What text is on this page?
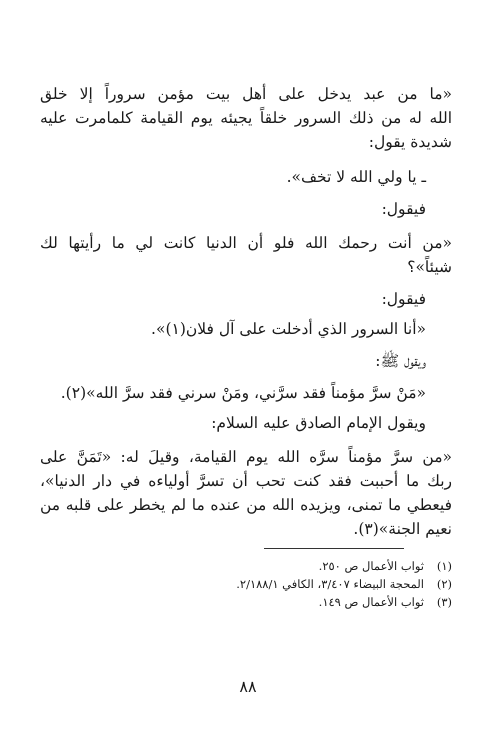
«ما من عبد يدخل على أهل بيت مؤمن سروراً إلا خلق
الله له من ذلك السرور خلقاً يجيئه يوم القيامة كلمامرت عليه
شديدة يقول:
ـ يا ولي الله لا تخف».
فيقول:
«من أنت رحمك الله فلو أن الدنيا كانت لي ما رأيتها لك
شيئاً»؟
فيقول:
«أنا السرور الذي أدخلت على آل فلان(١)».
ويقول ﷺ:
«مَنْ سرَّ مؤمناً فقد سرَّني، ومَنْ سرني فقد سرَّ الله»(٢).
ويقول الإمام الصادق عليه السلام:
«من سرَّ مؤمناً سرَّه الله يوم القيامة، وقيلَ له: «تَمَنَّ على
ربك ما أحببت فقد كنت تحب أن تسرَّ أولياءه في دار الدنيا»،
فيعطي ما تمنى، ويزيده الله من عنده ما لم يخطر على قلبه من
نعيم الجنة»(٣).
(١)ثواب الأعمال ص ٢٥٠.
(٢)المحجة البيضاء ٣/٤٠٧، الكافي ٢/١٨٨/١.
(٣)ثواب الأعمال ص ١٤٩.
٨٨
